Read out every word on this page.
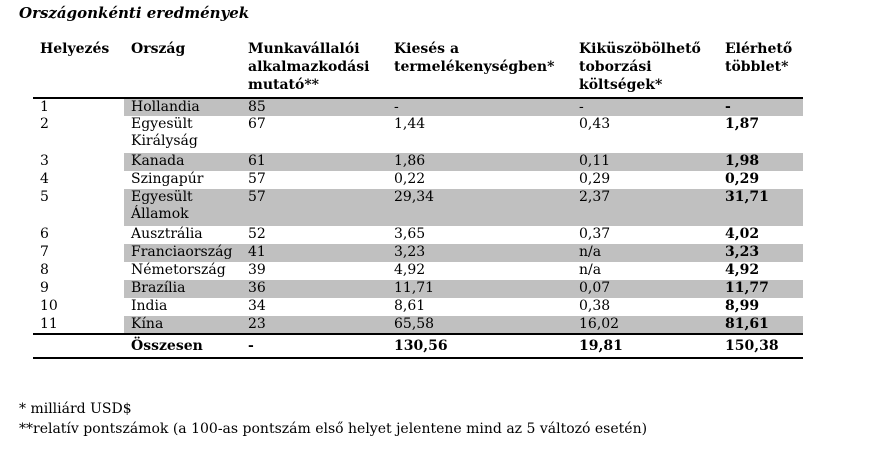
Országonkénti eredmények
Helyezés	Ország	Munkavállalói alkalmazkodási mutató**	Kiesés a termelékenységben*	Kiküszöbölhető toborzási költségek*	Elérhető többlet*
1	Hollandia	85	-	-	-
2	Egyesült Királyság	67	1,44	0,43	1,87
3	Kanada	61	1,86	0,11	1,98
4	Szingapúr	57	0,22	0,29	0,29
5	Egyesült Államok	57	29,34	2,37	31,71
6	Ausztrália	52	3,65	0,37	4,02
7	Franciaország	41	3,23	n/a	3,23
8	Németország	39	4,92	n/a	4,92
9	Brazília	36	11,71	0,07	11,77
10	India	34	8,61	0,38	8,99
11	Kína	23	65,58	16,02	81,61
	Összesen	-	130,56	19,81	150,38
* milliárd USD$
**relatív pontszámok (a 100-as pontszám első helyet jelentene mind az 5 változó esetén)
